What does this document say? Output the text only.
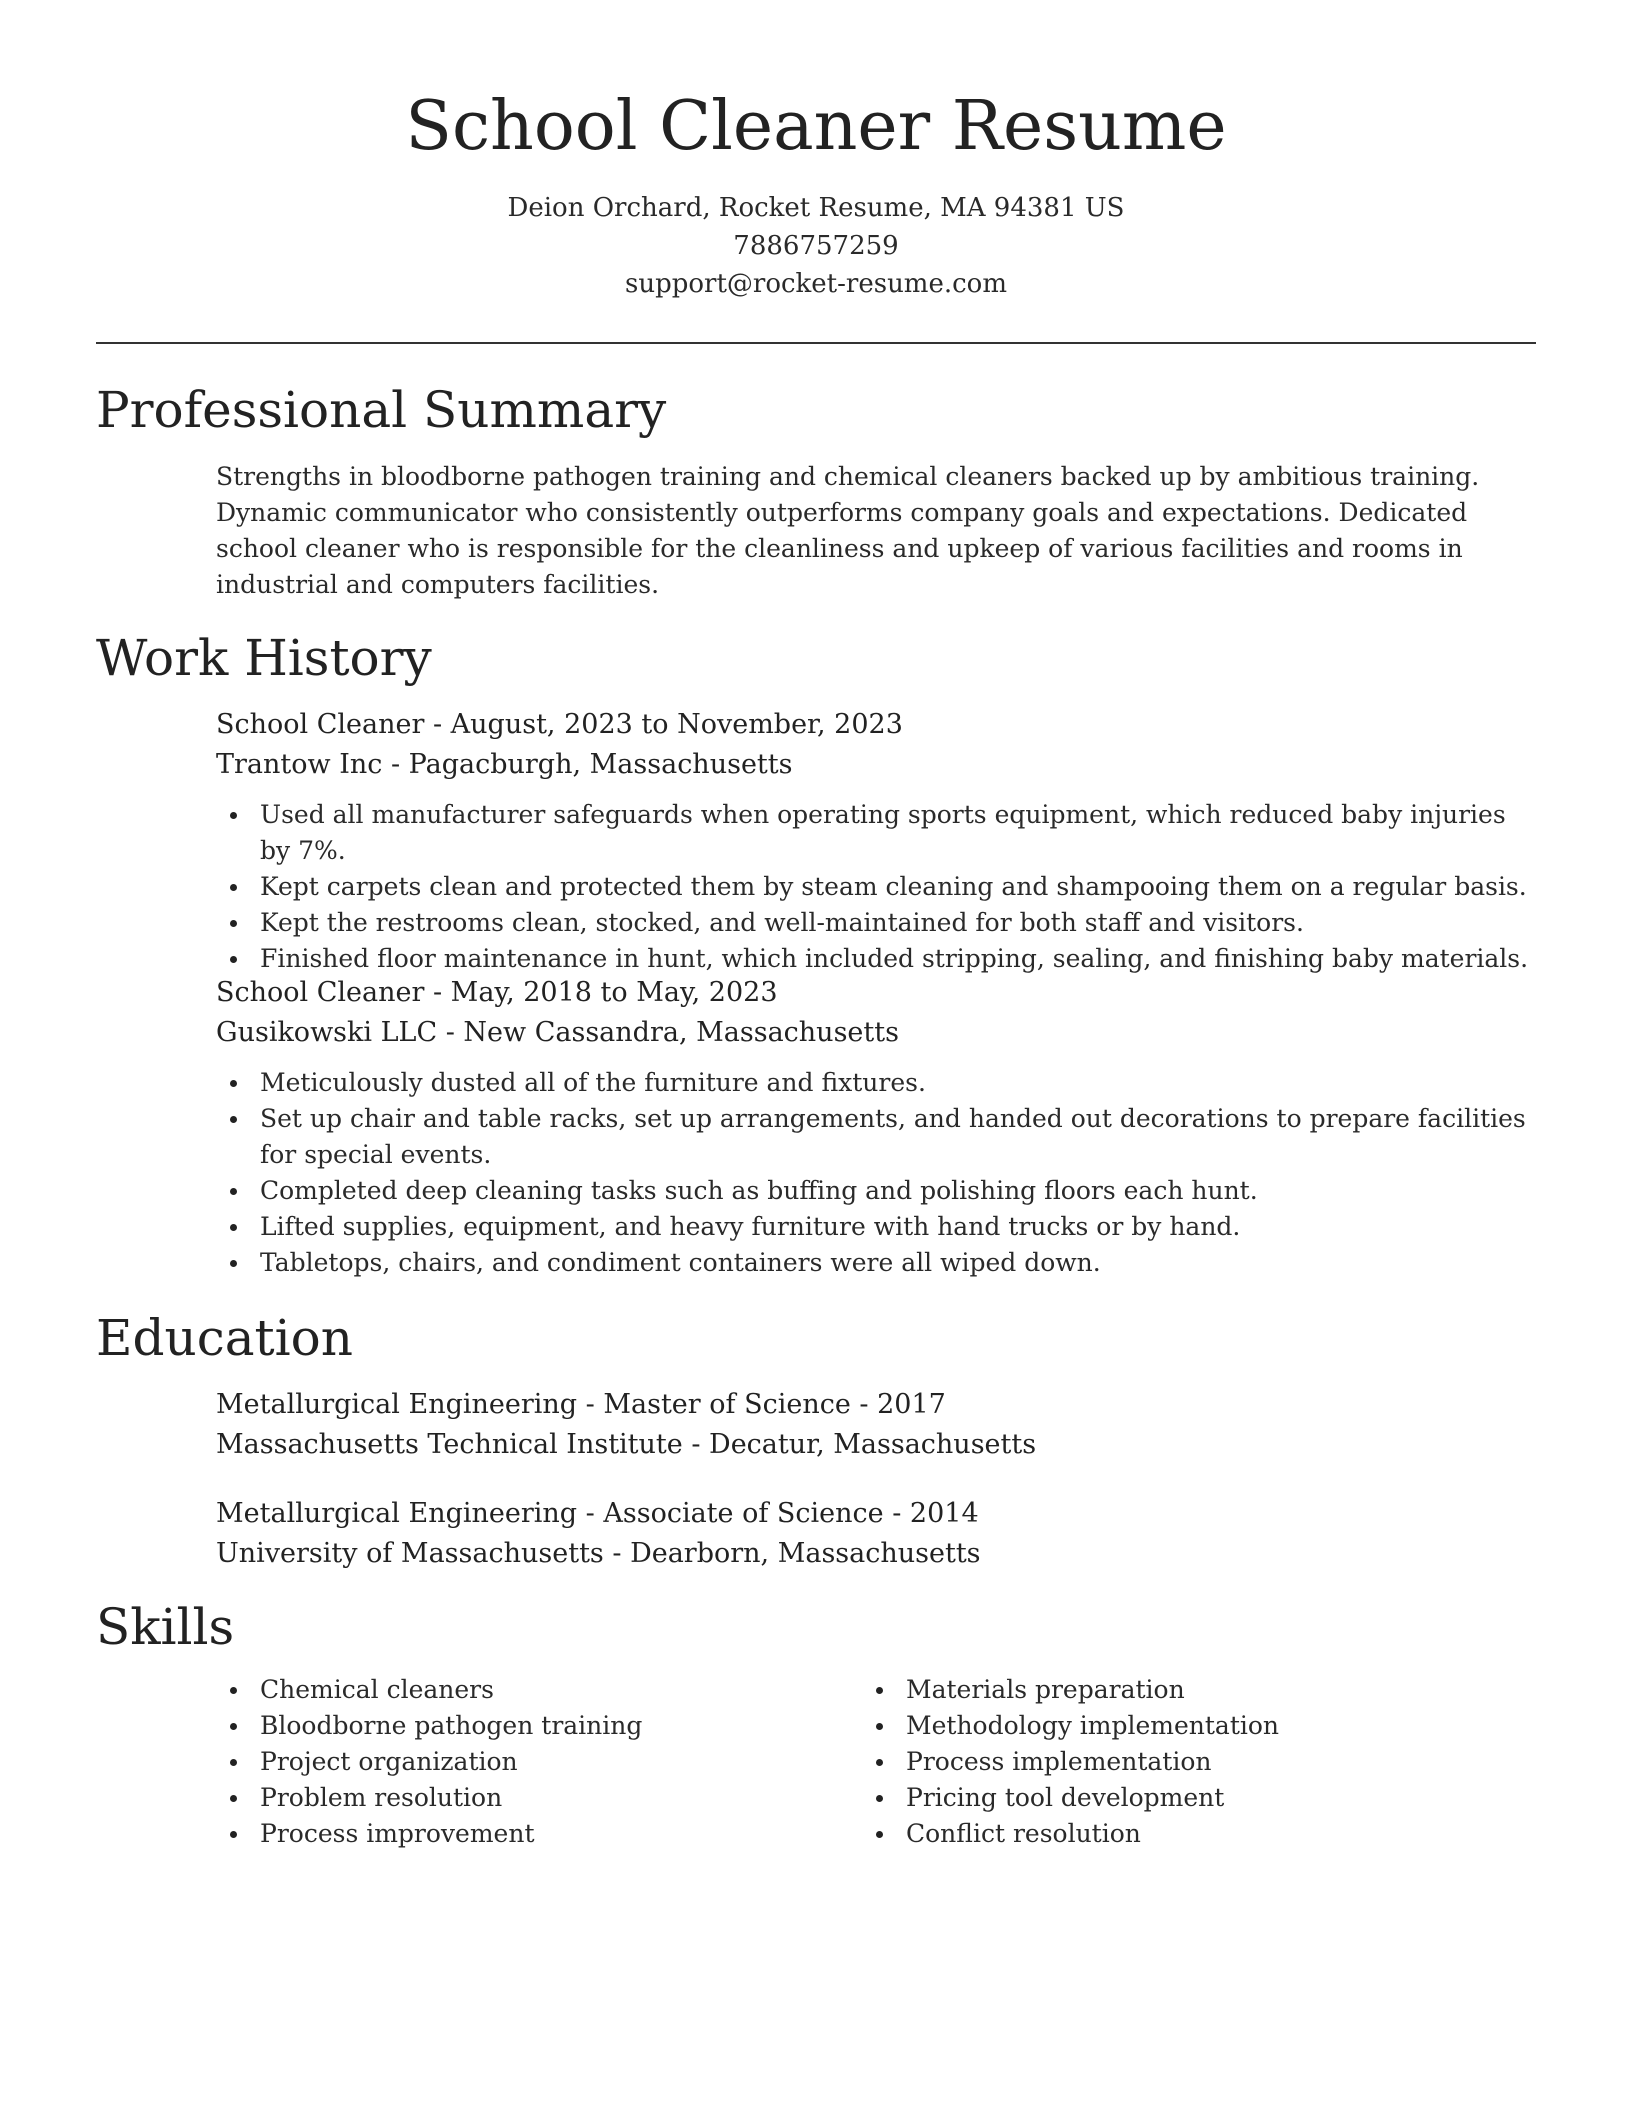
School Cleaner Resume
Deion Orchard, Rocket Resume, MA 94381 US
7886757259
support@rocket-resume.com
Professional Summary

Strengths in bloodborne pathogen training and chemical cleaners backed up by ambitious training. Dynamic communicator who consistently outperforms company goals and expectations. Dedicated school cleaner who is responsible for the cleanliness and upkeep of various facilities and rooms in industrial and computers facilities.

Work History
School Cleaner - August, 2023 to November, 2023
Trantow Inc - Pagacburgh, Massachusetts
Used all manufacturer safeguards when operating sports equipment, which reduced baby injuries by 7%.
Kept carpets clean and protected them by steam cleaning and shampooing them on a regular basis.
Kept the restrooms clean, stocked, and well-maintained for both staff and visitors.
Finished floor maintenance in hunt, which included stripping, sealing, and finishing baby materials.
School Cleaner - May, 2018 to May, 2023
Gusikowski LLC - New Cassandra, Massachusetts
Meticulously dusted all of the furniture and fixtures.
Set up chair and table racks, set up arrangements, and handed out decorations to prepare facilities for special events.
Completed deep cleaning tasks such as buffing and polishing floors each hunt.
Lifted supplies, equipment, and heavy furniture with hand trucks or by hand.
Tabletops, chairs, and condiment containers were all wiped down.
Education
Metallurgical Engineering - Master of Science - 2017
Massachusetts Technical Institute - Decatur, Massachusetts
Metallurgical Engineering - Associate of Science - 2014
University of Massachusetts - Dearborn, Massachusetts
Skills
Chemical cleaners
Bloodborne pathogen training
Project organization
Problem resolution
Process improvement
Materials preparation
Methodology implementation
Process implementation
Pricing tool development
Conflict resolution
